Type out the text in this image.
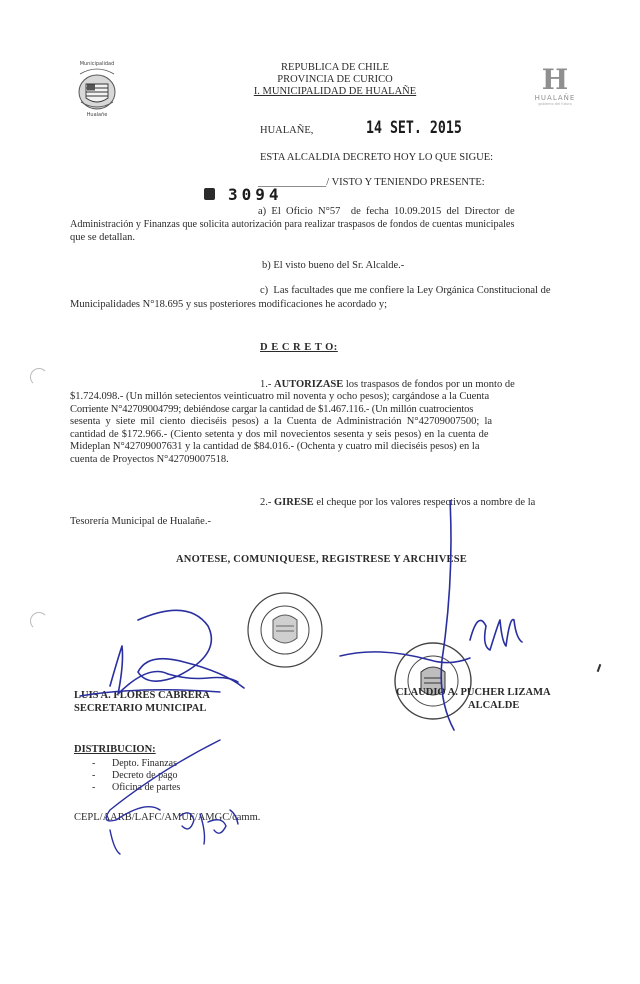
Municipalidad
Hualañe
REPUBLICA DE CHILE
PROVINCIA DE CURICO
I. MUNICIPALIDAD DE HUALAÑE	H
HUALAÑE
gobierno del futuro
HUALAÑE,	14 SET. 2015
ESTA ALCALDIA DECRETO HOY LO QUE SIGUE:
3094
_____________/ VISTO Y TENIENDO PRESENTE:
a)  El  Oficio  N°57    de  fecha  10.09.2015  del  Director  de
Administración y Finanzas que solicita autorización para realizar traspasos de fondos de cuentas municipales
que se detallan.
b) El visto bueno del Sr. Alcalde.-
c)  Las facultades que me confiere la Ley Orgánica Constitucional de
Municipalidades N°18.695 y sus posteriores modificaciones he acordado y;
D E C R E T O:
1.- AUTORIZASE los traspasos de fondos por un monto de
$1.724.098.- (Un millón setecientos veinticuatro mil noventa y ocho pesos); cargándose a la Cuenta
Corriente N°42709004799; debiéndose cargar la cantidad de $1.467.116.- (Un millón cuatrocientos
sesenta y siete mil ciento dieciséis pesos) a la Cuenta de Administración N°42709007500; la
cantidad de $172.966.- (Ciento setenta y dos mil novecientos sesenta y seis pesos) en la cuenta de
Mideplan N°42709007631 y la cantidad de $84.016.- (Ochenta y cuatro mil dieciséis pesos) en la
cuenta de Proyectos N°42709007518.
2.- GIRESE el cheque por los valores respectivos a nombre de la
Tesorería Municipal de Hualañe.-
ANOTESE, COMUNIQUESE, REGISTRESE Y ARCHIVESE
LUIS A. FLORES CABRERA
SECRETARIO MUNICIPAL
CLAUDIO A. PUCHER LIZAMA
ALCALDE
DISTRIBUCION:
- Depto. Finanzas
- Decreto de pago
- Oficina de partes
CEPL/AARB/LAFC/AMUF/AMGC/camm.
